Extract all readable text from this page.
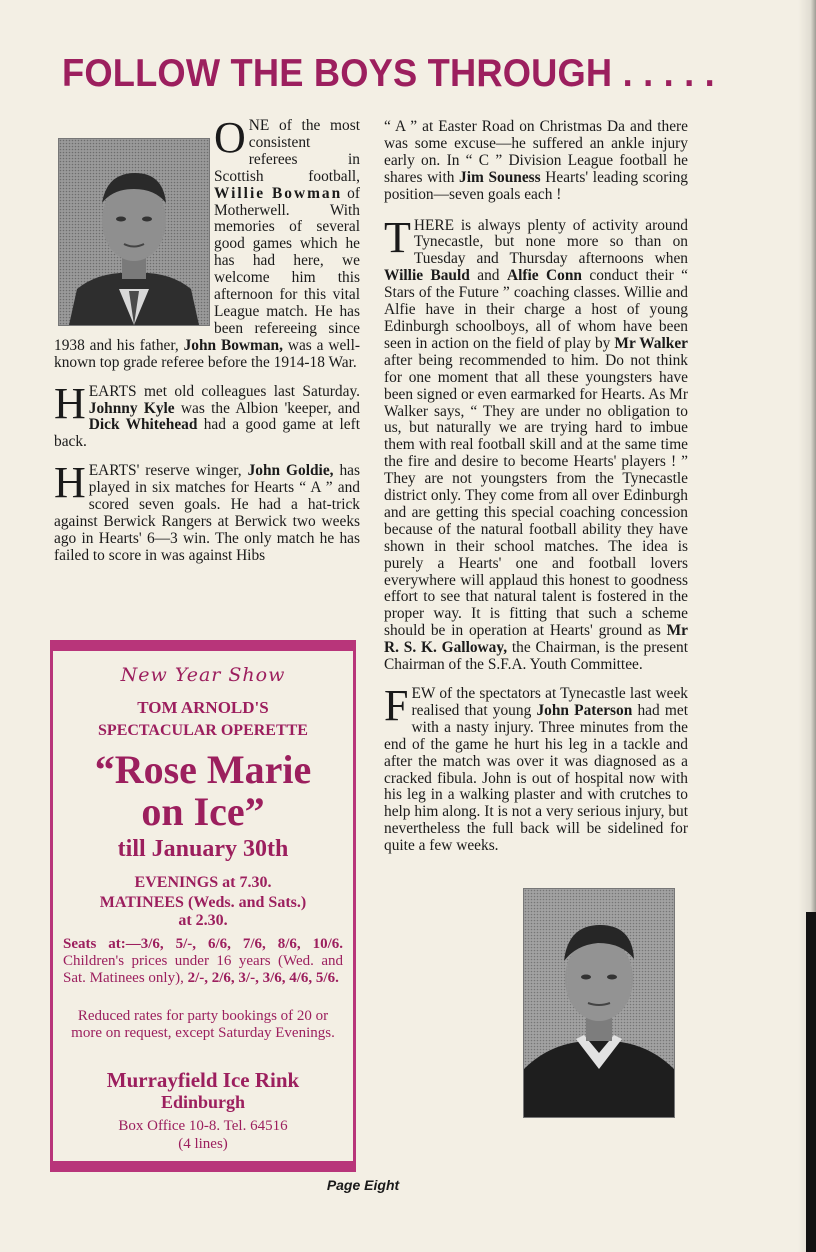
FOLLOW THE BOYS THROUGH . . . . .

ONE of the most consistent referees in Scottish football, Willie Bowman of Motherwell. With memories of several good games which he has had here, we welcome him this afternoon for this vital League match. He has been refereeing since 1938 and his father, John Bowman, was a well-known top grade referee before the 1914-18 War.

HEARTS met old colleagues last Saturday. Johnny Kyle was the Albion 'keeper, and Dick Whitehead had a good game at left back.

HEARTS' reserve winger, John Goldie, has played in six matches for Hearts “ A ” and scored seven goals. He had a hat-trick against Berwick Rangers at Berwick two weeks ago in Hearts' 6—3 win. The only match he has failed to score in was against Hibs

New Year Show
TOM ARNOLD'S
SPECTACULAR OPERETTE
“Rose Marie
on Ice”
till January 30th
EVENINGS at 7.30.
MATINEES (Weds. and Sats.)
at 2.30.
Seats at:—3/6, 5/-, 6/6, 7/6, 8/6, 10/6. Children's prices under 16 years (Wed. and Sat. Matinees only), 2/-, 2/6, 3/-, 3/6, 4/6, 5/6.
Reduced rates for party bookings of 20 or more on request, except Saturday Evenings.
Murrayfield Ice Rink
Edinburgh
Box Office 10-8. Tel. 64516
(4 lines)

“ A ” at Easter Road on Christmas Da and there was some excuse—he suffered an ankle injury early on. In “ C ” Division League football he shares with Jim Souness Hearts' leading scoring position—seven goals each !

THERE is always plenty of activity around Tynecastle, but none more so than on Tuesday and Thursday afternoons when Willie Bauld and Alfie Conn conduct their “ Stars of the Future ” coaching classes. Willie and Alfie have in their charge a host of young Edinburgh schoolboys, all of whom have been seen in action on the field of play by Mr Walker after being recommended to him. Do not think for one moment that all these youngsters have been signed or even earmarked for Hearts. As Mr Walker says, “ They are under no obligation to us, but naturally we are trying hard to imbue them with real football skill and at the same time the fire and desire to become Hearts' players ! ” They are not youngsters from the Tynecastle district only. They come from all over Edinburgh and are getting this special coaching concession because of the natural football ability they have shown in their school matches. The idea is purely a Hearts' one and football lovers everywhere will applaud this honest to goodness effort to see that natural talent is fostered in the proper way. It is fitting that such a scheme should be in operation at Hearts' ground as Mr R. S. K. Galloway, the Chairman, is the present Chairman of the S.F.A. Youth Committee.

FEW of the spectators at Tynecastle last week realised that young John Paterson had met with a nasty injury. Three minutes from the end of the game he hurt his leg in a tackle and after the match was over it was diagnosed as a cracked fibula. John is out of hospital now with his leg in a walking plaster and with crutches to help him along. It is not a very serious injury, but nevertheless the full back will be sidelined for quite a few weeks.

Page Eight
